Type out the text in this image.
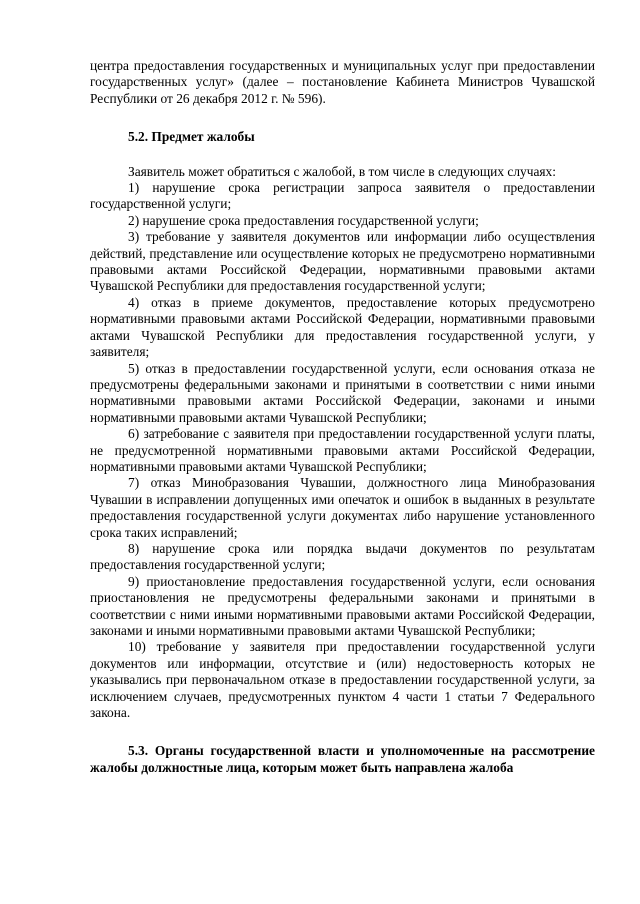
центра предоставления государственных и муниципальных услуг при предоставлении государственных услуг» (далее – постановление Кабинета Министров Чувашской Республики от 26 декабря 2012 г. № 596).

5.2. Предмет жалобы

Заявитель может обратиться с жалобой, в том числе в следующих случаях:

1) нарушение срока регистрации запроса заявителя о предоставлении государственной услуги;

2) нарушение срока предоставления государственной услуги;

3) требование у заявителя документов или информации либо осуществления действий, представление или осуществление которых не предусмотрено нормативными правовыми актами Российской Федерации, нормативными правовыми актами Чувашской Республики для предоставления государственной услуги;

4) отказ в приеме документов, предоставление которых предусмотрено нормативными правовыми актами Российской Федерации, нормативными правовыми актами Чувашской Республики для предоставления государственной услуги, у заявителя;

5) отказ в предоставлении государственной услуги, если основания отказа не предусмотрены федеральными законами и принятыми в соответствии с ними иными нормативными правовыми актами Российской Федерации, законами и иными нормативными правовыми актами Чувашской Республики;

6) затребование с заявителя при предоставлении государственной услуги платы, не предусмотренной нормативными правовыми актами Российской Федерации, нормативными правовыми актами Чувашской Республики;

7) отказ Минобразования Чувашии, должностного лица Минобразования Чувашии в исправлении допущенных ими опечаток и ошибок в выданных в результате предоставления государственной услуги документах либо нарушение установленного срока таких исправлений;

8) нарушение срока или порядка выдачи документов по результатам предоставления государственной услуги;

9) приостановление предоставления государственной услуги, если основания приостановления не предусмотрены федеральными законами и принятыми в соответствии с ними иными нормативными правовыми актами Российской Федерации, законами и иными нормативными правовыми актами Чувашской Республики;

10) требование у заявителя при предоставлении государственной услуги документов или информации, отсутствие и (или) недостоверность которых не указывались при первоначальном отказе в предоставлении государственной услуги, за исключением случаев, предусмотренных пунктом 4 части 1 статьи 7 Федерального закона.

5.3. Органы государственной власти и уполномоченные на рассмотрение жалобы должностные лица, которым может быть направлена жалоба
